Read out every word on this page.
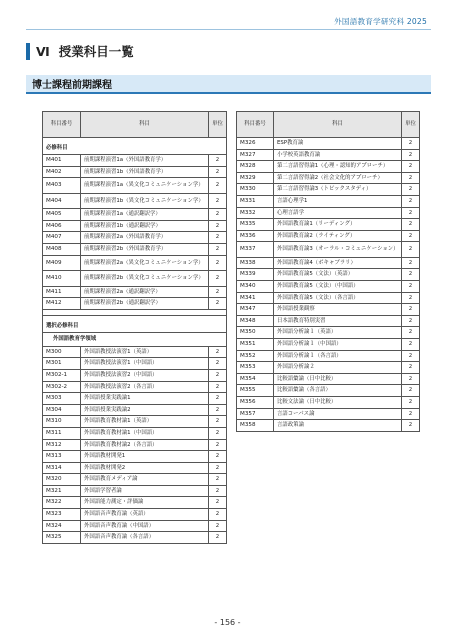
外国語教育学研究科 2025
Ⅵ 授業科目一覧
博士課程前期課程
科目番号	科目	単位
必修科目		
M401	前期課程演習1a（外国語教育学）	2
M402	前期課程演習1b（外国語教育学）	2
M403	前期課程演習1a（異文化コミュニケーション学）	2
M404	前期課程演習1b（異文化コミュニケーション学）	2
M405	前期課程演習1a（通訳翻訳学）	2
M406	前期課程演習1b（通訳翻訳学）	2
M407	前期課程演習2a（外国語教育学）	2
M408	前期課程演習2b（外国語教育学）	2
M409	前期課程演習2a（異文化コミュニケーション学）	2
M410	前期課程演習2b（異文化コミュニケーション学）	2
M411	前期課程演習2a（通訳翻訳学）	2
M412	前期課程演習2b（通訳翻訳学）	2

選択必修科目		
外国語教育学領域		
M300	外国語教授法演習1（英語）	2
M301	外国語教授法演習1（中国語）	2
M302-1	外国語教授法演習2（中国語）	2
M302-2	外国語教授法演習2（各言語）	2
M303	外国語授業実践論1	2
M304	外国語授業実践論2	2
M310	外国語教育教材論1（英語）	2
M311	外国語教育教材論1（中国語）	2
M312	外国語教育教材論2（各言語）	2
M313	外国語教材開発1	2
M314	外国語教材開発2	2
M320	外国語教育メディア論	2
M321	外国語学習者論	2
M322	外国語能力測定・評価論	2
M323	外国語音声教育論（英語）	2
M324	外国語音声教育論（中国語）	2
M325	外国語音声教育論（各言語）	2
科目番号	科目	単位
M326	ESP教育論	2
M327	小学校英語教育論	2
M328	第二言語習得論1（心理・認知的アプローチ）	2
M329	第二言語習得論2（社会文化的アプローチ）	2
M330	第二言語習得論3（トピックスタディ）	2
M331	言語心理学1	2
M332	心理言語学	2
M335	外国語教育論1（リーディング）	2
M336	外国語教育論2（ライティング）	2
M337	外国語教育論3（オーラル・コミュニケーション）	2
M338	外国語教育論4（ボキャブラリ）	2
M339	外国語教育論5（文法）（英語）	2
M340	外国語教育論5（文法）（中国語）	2
M341	外国語教育論5（文法）（各言語）	2
M347	外国語授業観察	2
M348	日本語教育特別実習	2
M350	外国語分析論１（英語）	2
M351	外国語分析論１（中国語）	2
M352	外国語分析論１（各言語）	2
M353	外国語分析論２	2
M354	比較語彙論（日中比較）	2
M355	比較語彙論（各言語）	2
M356	比較文法論（日中比較）	2
M357	言語コーパス論	2
M358	言語政策論	2
- 156 -
